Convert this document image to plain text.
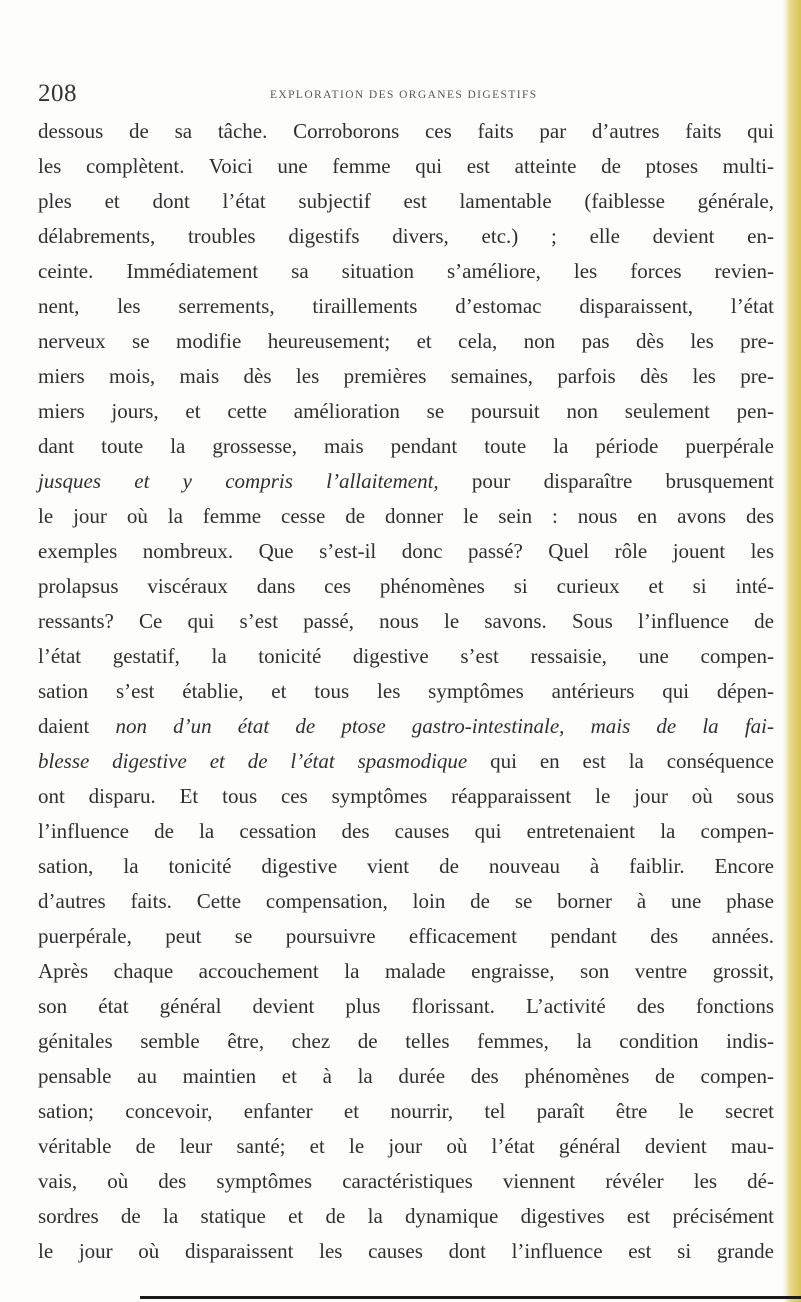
208	EXPLORATION DES ORGANES DIGESTIFS
dessous de sa tâche. Corroborons ces faits par d’autres faits qui
les complètent. Voici une femme qui est atteinte de ptoses multi-
ples et dont l’état subjectif est lamentable (faiblesse générale,
délabrements, troubles digestifs divers, etc.) ; elle devient en-
ceinte. Immédiatement sa situation s’améliore, les forces revien-
nent, les serrements, tiraillements d’estomac disparaissent, l’état
nerveux se modifie heureusement; et cela, non pas dès les pre-
miers mois, mais dès les premières semaines, parfois dès les pre-
miers jours, et cette amélioration se poursuit non seulement pen-
dant toute la grossesse, mais pendant toute la période puerpérale
jusques et y compris l’allaitement, pour disparaître brusquement
le jour où la femme cesse de donner le sein : nous en avons des
exemples nombreux. Que s’est-il donc passé? Quel rôle jouent les
prolapsus viscéraux dans ces phénomènes si curieux et si inté-
ressants? Ce qui s’est passé, nous le savons. Sous l’influence de
l’état gestatif, la tonicité digestive s’est ressaisie, une compen-
sation s’est établie, et tous les symptômes antérieurs qui dépen-
daient non d’un état de ptose gastro-intestinale, mais de la fai-
blesse digestive et de l’état spasmodique qui en est la conséquence
ont disparu. Et tous ces symptômes réapparaissent le jour où sous
l’influence de la cessation des causes qui entretenaient la compen-
sation, la tonicité digestive vient de nouveau à faiblir. Encore
d’autres faits. Cette compensation, loin de se borner à une phase
puerpérale, peut se poursuivre efficacement pendant des années.
Après chaque accouchement la malade engraisse, son ventre grossit,
son état général devient plus florissant. L’activité des fonctions
génitales semble être, chez de telles femmes, la condition indis-
pensable au maintien et à la durée des phénomènes de compen-
sation; concevoir, enfanter et nourrir, tel paraît être le secret
véritable de leur santé; et le jour où l’état général devient mau-
vais, où des symptômes caractéristiques viennent révéler les dé-
sordres de la statique et de la dynamique digestives est précisément
le jour où disparaissent les causes dont l’influence est si grande
